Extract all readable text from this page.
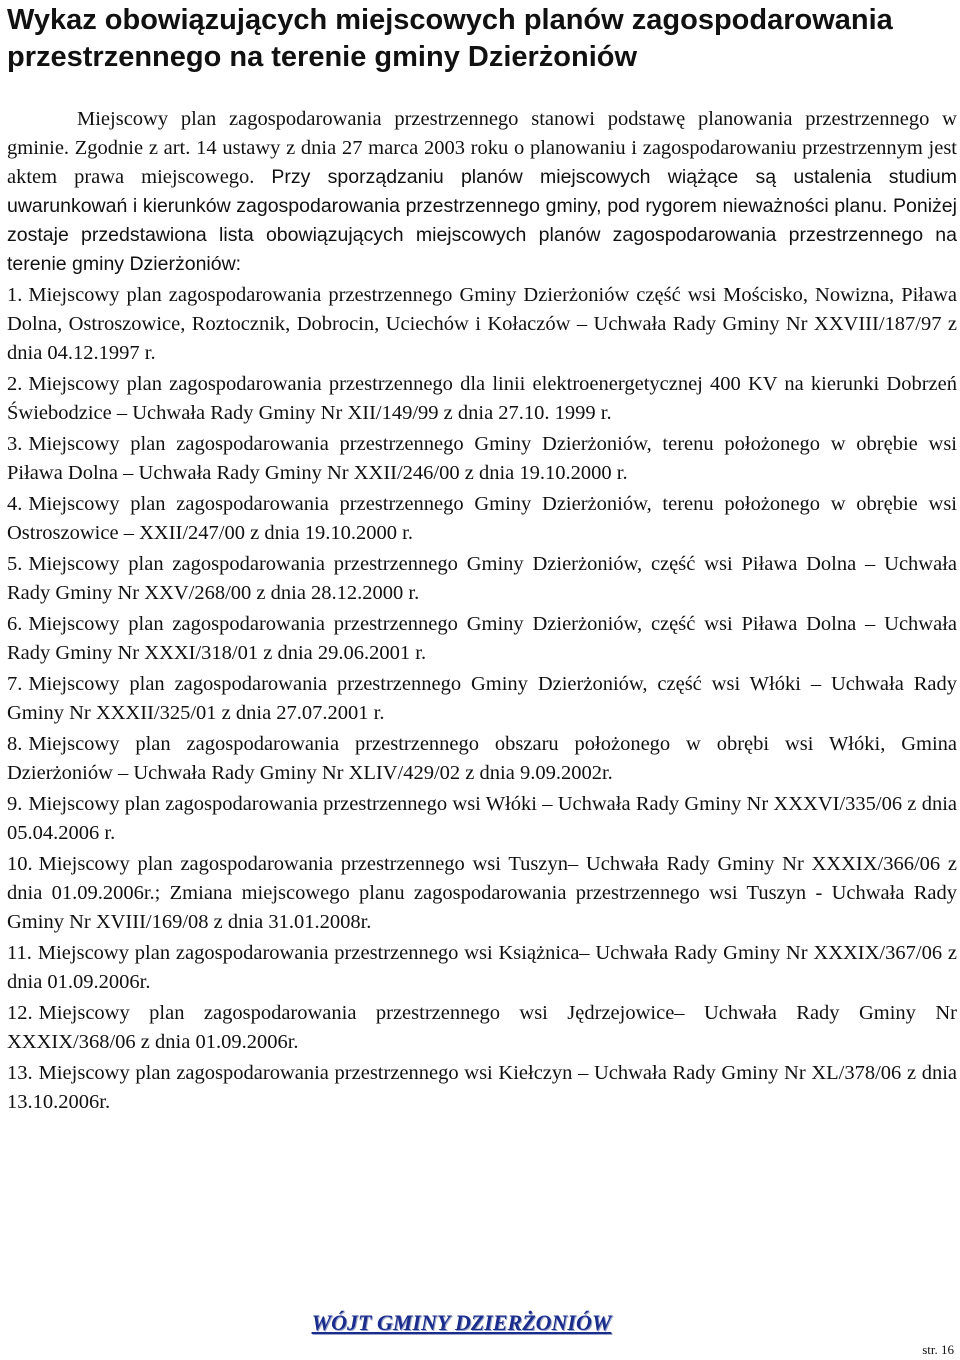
Wykaz obowiązujących miejscowych planów zagospodarowania przestrzennego na terenie gminy Dzierżoniów

Miejscowy plan zagospodarowania przestrzennego stanowi podstawę planowania przestrzennego w gminie. Zgodnie z art. 14 ustawy z dnia 27 marca 2003 roku o planowaniu i zagospodarowaniu przestrzennym jest aktem prawa miejscowego. Przy sporządzaniu planów miejscowych wiążące są ustalenia studium uwarunkowań i kierunków zagospodarowania przestrzennego gminy, pod rygorem nieważności planu. Poniżej zostaje przedstawiona lista obowiązujących miejscowych planów zagospodarowania przestrzennego na terenie gminy Dzierżoniów:

1. Miejscowy plan zagospodarowania przestrzennego Gminy Dzierżoniów część wsi Mościsko, Nowizna, Piława Dolna, Ostroszowice, Roztocznik, Dobrocin, Uciechów i Kołaczów – Uchwała Rady Gminy Nr XXVIII/187/97 z dnia 04.12.1997 r.
2. Miejscowy plan zagospodarowania przestrzennego dla linii elektroenergetycznej 400 KV na kierunki Dobrzeń Świebodzice – Uchwała Rady Gminy Nr XII/149/99 z dnia 27.10. 1999 r.
3. Miejscowy plan zagospodarowania przestrzennego Gminy Dzierżoniów, terenu położonego w obrębie wsi Piława Dolna – Uchwała Rady Gminy Nr XXII/246/00 z dnia 19.10.2000 r.
4. Miejscowy plan zagospodarowania przestrzennego Gminy Dzierżoniów, terenu położonego w obrębie wsi Ostroszowice – XXII/247/00 z dnia 19.10.2000 r.
5. Miejscowy plan zagospodarowania przestrzennego Gminy Dzierżoniów, część wsi Piława Dolna – Uchwała Rady Gminy Nr XXV/268/00 z dnia 28.12.2000 r.
6. Miejscowy plan zagospodarowania przestrzennego Gminy Dzierżoniów, część wsi Piława Dolna – Uchwała Rady Gminy Nr XXXI/318/01 z dnia 29.06.2001 r.
7. Miejscowy plan zagospodarowania przestrzennego Gminy Dzierżoniów, część wsi Włóki – Uchwała Rady Gminy Nr XXXII/325/01 z dnia 27.07.2001 r.
8. Miejscowy plan zagospodarowania przestrzennego obszaru położonego w obrębi wsi Włóki, Gmina Dzierżoniów – Uchwała Rady Gminy Nr XLIV/429/02 z dnia 9.09.2002r.
9. Miejscowy plan zagospodarowania przestrzennego wsi Włóki – Uchwała Rady Gminy Nr XXXVI/335/06 z dnia 05.04.2006 r.
10. Miejscowy plan zagospodarowania przestrzennego wsi Tuszyn– Uchwała Rady Gminy Nr XXXIX/366/06 z dnia 01.09.2006r.; Zmiana miejscowego planu zagospodarowania przestrzennego wsi Tuszyn - Uchwała Rady Gminy Nr XVIII/169/08 z dnia 31.01.2008r.
11. Miejscowy plan zagospodarowania przestrzennego wsi Książnica– Uchwała Rady Gminy Nr XXXIX/367/06 z dnia 01.09.2006r.
12. Miejscowy plan zagospodarowania przestrzennego wsi Jędrzejowice– Uchwała Rady Gminy Nr XXXIX/368/06 z dnia 01.09.2006r.
13. Miejscowy plan zagospodarowania przestrzennego wsi Kiełczyn – Uchwała Rady Gminy Nr XL/378/06 z dnia 13.10.2006r.
WÓJT GMINY DZIERŻONIÓW
str. 16
